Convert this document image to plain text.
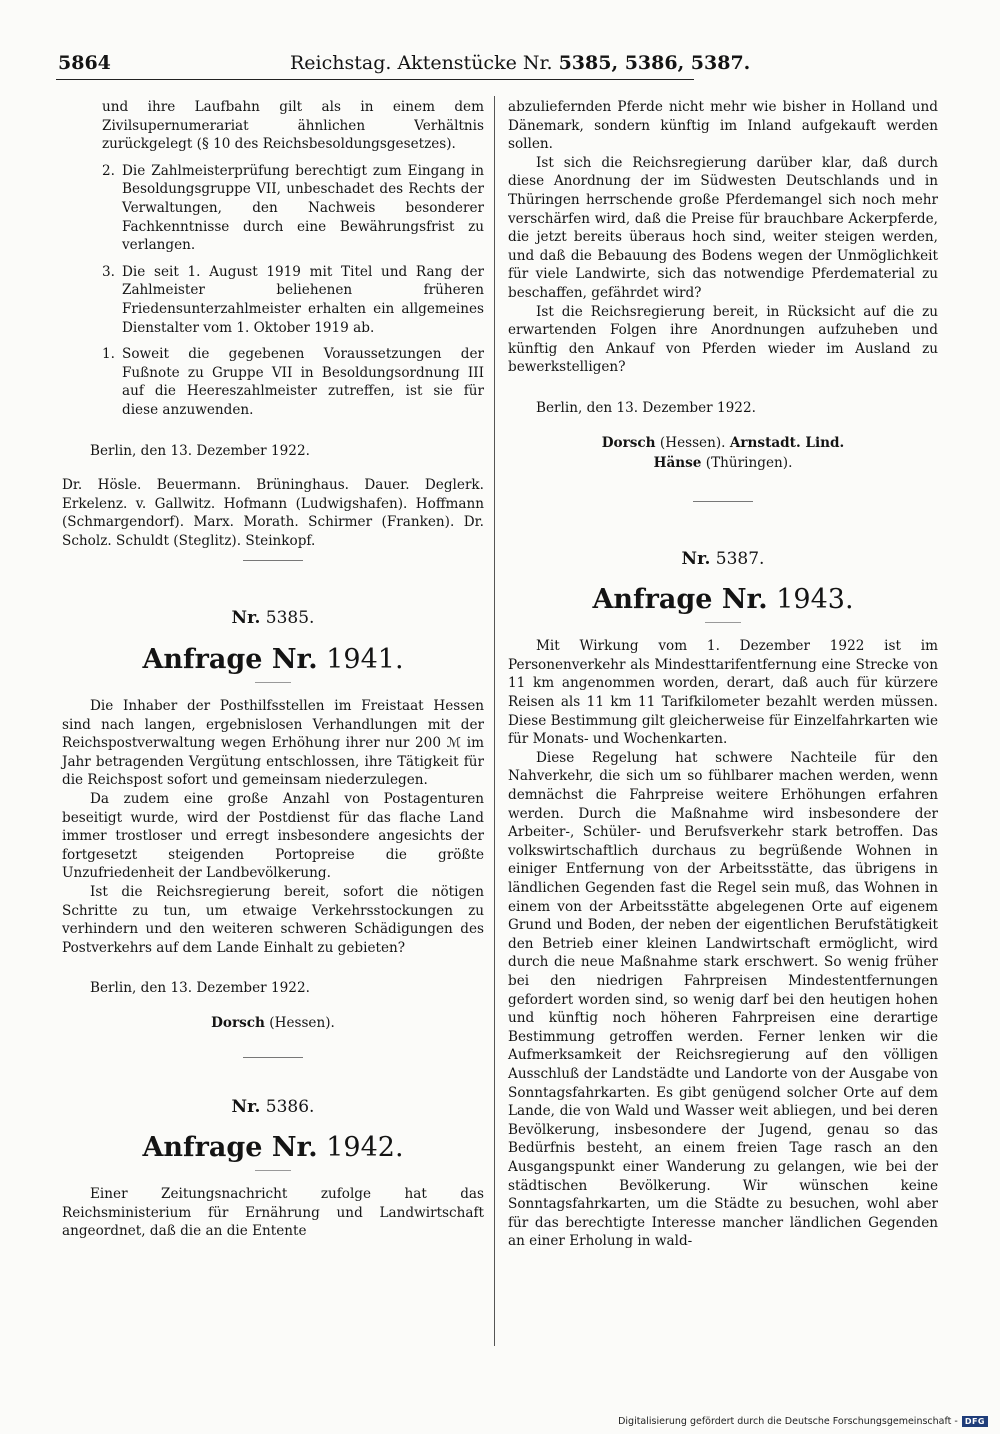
5864	Reichstag. Aktenstücke Nr. 5385, 5386, 5387.

und ihre Laufbahn gilt als in einem dem Zivilsupernumerariat ähnlichen Verhältnis zurückgelegt (§ 10 des Reichsbesoldungsgesetzes).

2. Die Zahlmeisterprüfung berechtigt zum Eingang in Besoldungsgruppe VII, unbeschadet des Rechts der Verwaltungen, den Nachweis besonderer Fachkenntnisse durch eine Bewährungsfrist zu verlangen.
3. Die seit 1. August 1919 mit Titel und Rang der Zahlmeister beliehenen früheren Friedensunterzahlmeister erhalten ein allgemeines Dienstalter vom 1. Oktober 1919 ab.
1. Soweit die gegebenen Voraussetzungen der Fußnote zu Gruppe VII in Besoldungsordnung III auf die Heereszahlmeister zutreffen, ist sie für diese anzuwenden.

Berlin, den 13. Dezember 1922.

Dr. Hösle. Beuermann. Brüninghaus. Dauer. Deglerk. Erkelenz. v. Gallwitz. Hofmann (Ludwigshafen). Hoffmann (Schmargendorf). Marx. Morath. Schirmer (Franken). Dr. Scholz. Schuldt (Steglitz). Steinkopf.

Nr. 5385.
Anfrage Nr. 1941.

Die Inhaber der Posthilfsstellen im Freistaat Hessen sind nach langen, ergebnislosen Verhandlungen mit der Reichspostverwaltung wegen Erhöhung ihrer nur 200 ℳ im Jahr betragenden Vergütung entschlossen, ihre Tätigkeit für die Reichspost sofort und gemeinsam niederzulegen.

Da zudem eine große Anzahl von Postagenturen beseitigt wurde, wird der Postdienst für das flache Land immer trostloser und erregt insbesondere angesichts der fortgesetzt steigenden Portopreise die größte Unzufriedenheit der Landbevölkerung.

Ist die Reichsregierung bereit, sofort die nötigen Schritte zu tun, um etwaige Verkehrsstockungen zu verhindern und den weiteren schweren Schädigungen des Postverkehrs auf dem Lande Einhalt zu gebieten?

Berlin, den 13. Dezember 1922.

Dorsch (Hessen).
Nr. 5386.
Anfrage Nr. 1942.

Einer Zeitungsnachricht zufolge hat das Reichsministerium für Ernährung und Landwirtschaft angeordnet, daß die an die Entente

abzuliefernden Pferde nicht mehr wie bisher in Holland und Dänemark, sondern künftig im Inland aufgekauft werden sollen.

Ist sich die Reichsregierung darüber klar, daß durch diese Anordnung der im Südwesten Deutschlands und in Thüringen herrschende große Pferdemangel sich noch mehr verschärfen wird, daß die Preise für brauchbare Ackerpferde, die jetzt bereits überaus hoch sind, weiter steigen werden, und daß die Bebauung des Bodens wegen der Unmöglichkeit für viele Landwirte, sich das notwendige Pferdematerial zu beschaffen, gefährdet wird?

Ist die Reichsregierung bereit, in Rücksicht auf die zu erwartenden Folgen ihre Anordnungen aufzuheben und künftig den Ankauf von Pferden wieder im Ausland zu bewerkstelligen?

Berlin, den 13. Dezember 1922.

Dorsch (Hessen). Arnstadt. Lind.
Hänse (Thüringen).
Nr. 5387.
Anfrage Nr. 1943.

Mit Wirkung vom 1. Dezember 1922 ist im Personenverkehr als Mindesttarifentfernung eine Strecke von 11 km angenommen worden, derart, daß auch für kürzere Reisen als 11 km 11 Tarifkilometer bezahlt werden müssen. Diese Bestimmung gilt gleicherweise für Einzelfahrkarten wie für Monats- und Wochenkarten.

Diese Regelung hat schwere Nachteile für den Nahverkehr, die sich um so fühlbarer machen werden, wenn demnächst die Fahrpreise weitere Erhöhungen erfahren werden. Durch die Maßnahme wird insbesondere der Arbeiter-, Schüler- und Berufsverkehr stark betroffen. Das volkswirtschaftlich durchaus zu begrüßende Wohnen in einiger Entfernung von der Arbeitsstätte, das übrigens in ländlichen Gegenden fast die Regel sein muß, das Wohnen in einem von der Arbeitsstätte abgelegenen Orte auf eigenem Grund und Boden, der neben der eigentlichen Berufstätigkeit den Betrieb einer kleinen Landwirtschaft ermöglicht, wird durch die neue Maßnahme stark erschwert. So wenig früher bei den niedrigen Fahrpreisen Mindestentfernungen gefordert worden sind, so wenig darf bei den heutigen hohen und künftig noch höheren Fahrpreisen eine derartige Bestimmung getroffen werden. Ferner lenken wir die Aufmerksamkeit der Reichsregierung auf den völligen Ausschluß der Landstädte und Landorte von der Ausgabe von Sonntagsfahrkarten. Es gibt genügend solcher Orte auf dem Lande, die von Wald und Wasser weit abliegen, und bei deren Bevölkerung, insbesondere der Jugend, genau so das Bedürfnis besteht, an einem freien Tage rasch an den Ausgangspunkt einer Wanderung zu gelangen, wie bei der städtischen Bevölkerung. Wir wünschen keine Sonntagsfahrkarten, um die Städte zu besuchen, wohl aber für das berechtigte Interesse mancher ländlichen Gegenden an einer Erholung in wald-

Digitalisierung gefördert durch die Deutsche Forschungsgemeinschaft - DFG
